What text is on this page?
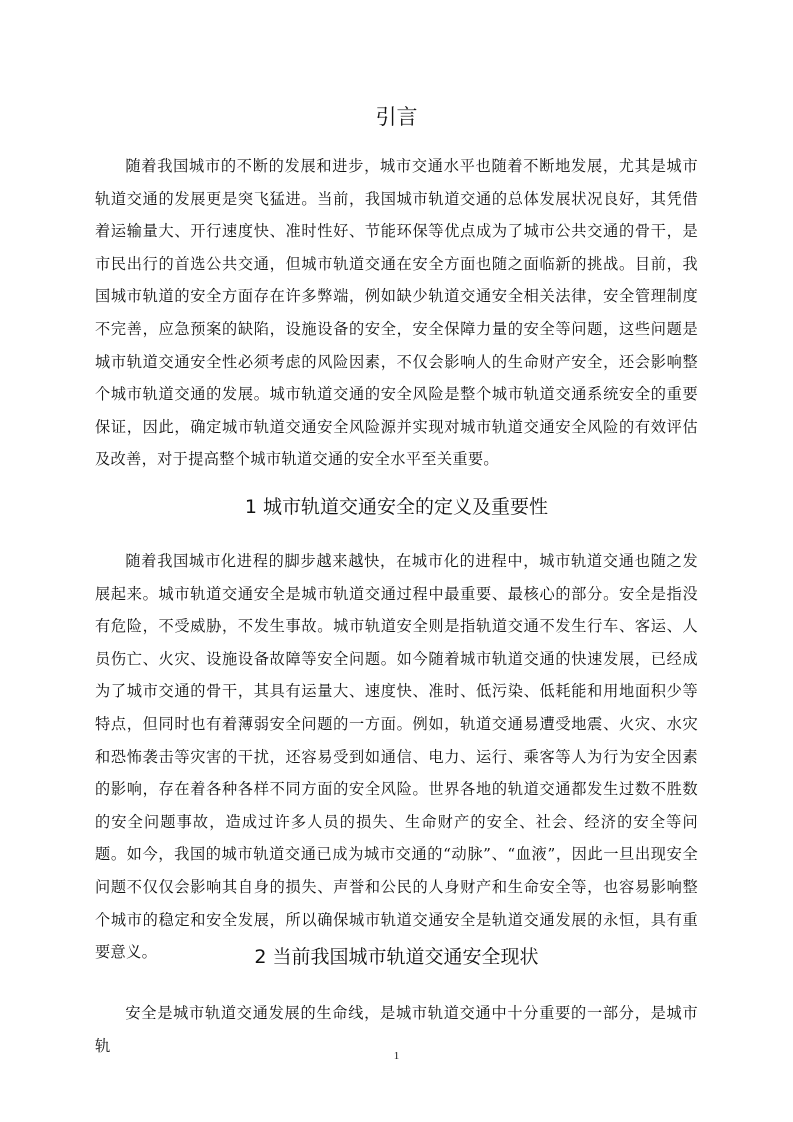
引言

随着我国城市的不断的发展和进步，城市交通水平也随着不断地发展，尤其是城市轨道交通的发展更是突飞猛进。当前，我国城市轨道交通的总体发展状况良好，其凭借着运输量大、开行速度快、准时性好、节能环保等优点成为了城市公共交通的骨干，是市民出行的首选公共交通，但城市轨道交通在安全方面也随之面临新的挑战。目前，我国城市轨道的安全方面存在许多弊端，例如缺少轨道交通安全相关法律，安全管理制度不完善，应急预案的缺陷，设施设备的安全，安全保障力量的安全等问题，这些问题是城市轨道交通安全性必须考虑的风险因素，不仅会影响人的生命财产安全，还会影响整个城市轨道交通的发展。城市轨道交通的安全风险是整个城市轨道交通系统安全的重要保证，因此，确定城市轨道交通安全风险源并实现对城市轨道交通安全风险的有效评估及改善，对于提高整个城市轨道交通的安全水平至关重要。

1 城市轨道交通安全的定义及重要性

随着我国城市化进程的脚步越来越快，在城市化的进程中，城市轨道交通也随之发展起来。城市轨道交通安全是城市轨道交通过程中最重要、最核心的部分。安全是指没有危险，不受威胁，不发生事故。城市轨道安全则是指轨道交通不发生行车、客运、人员伤亡、火灾、设施设备故障等安全问题。如今随着城市轨道交通的快速发展，已经成为了城市交通的骨干，其具有运量大、速度快、准时、低污染、低耗能和用地面积少等特点，但同时也有着薄弱安全问题的一方面。例如，轨道交通易遭受地震、火灾、水灾和恐怖袭击等灾害的干扰，还容易受到如通信、电力、运行、乘客等人为行为安全因素的影响，存在着各种各样不同方面的安全风险。世界各地的轨道交通都发生过数不胜数的安全问题事故，造成过许多人员的损失、生命财产的安全、社会、经济的安全等问题。如今，我国的城市轨道交通已成为城市交通的“动脉”、“血液”，因此一旦出现安全问题不仅仅会影响其自身的损失、声誉和公民的人身财产和生命安全等，也容易影响整个城市的稳定和安全发展，所以确保城市轨道交通安全是轨道交通发展的永恒，具有重要意义。	2 当前我国城市轨道交通安全现状

安全是城市轨道交通发展的生命线，是城市轨道交通中十分重要的一部分，是城市轨

1
